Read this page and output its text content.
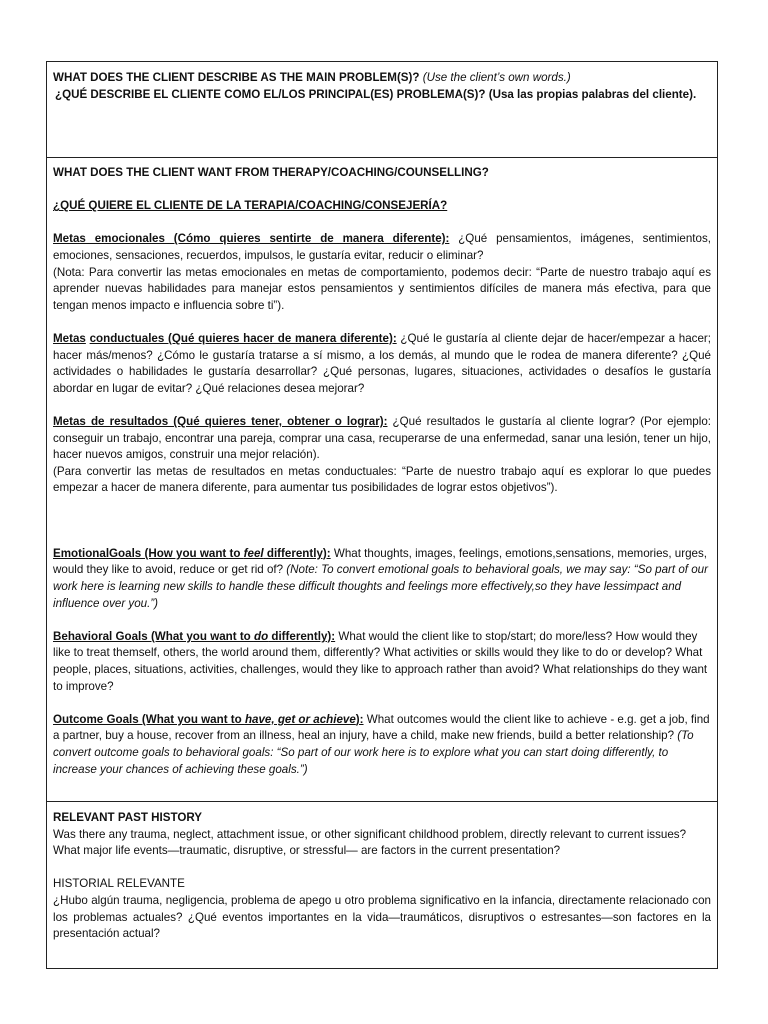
WHAT DOES THE CLIENT DESCRIBE AS THE MAIN PROBLEM(S)? (Use the client’s own words.)

¿QUÉ DESCRIBE EL CLIENTE COMO EL/LOS PRINCIPAL(ES) PROBLEMA(S)? (Usa las propias palabras del cliente).

WHAT DOES THE CLIENT WANT FROM THERAPY/COACHING/COUNSELLING?

¿QUÉ QUIERE EL CLIENTE DE LA TERAPIA/COACHING/CONSEJERÍA?

Metas emocionales (Cómo quieres sentirte de manera diferente): ¿Qué pensamientos, imágenes, sentimientos, emociones, sensaciones, recuerdos, impulsos, le gustaría evitar, reducir o eliminar?

(Nota: Para convertir las metas emocionales en metas de comportamiento, podemos decir: “Parte de nuestro trabajo aquí es aprender nuevas habilidades para manejar estos pensamientos y sentimientos difíciles de manera más efectiva, para que tengan menos impacto e influencia sobre ti”).

Metas conductuales (Qué quieres hacer de manera diferente): ¿Qué le gustaría al cliente dejar de hacer/empezar a hacer; hacer más/menos? ¿Cómo le gustaría tratarse a sí mismo, a los demás, al mundo que le rodea de manera diferente? ¿Qué actividades o habilidades le gustaría desarrollar? ¿Qué personas, lugares, situaciones, actividades o desafíos le gustaría abordar en lugar de evitar? ¿Qué relaciones desea mejorar?

Metas de resultados (Qué quieres tener, obtener o lograr): ¿Qué resultados le gustaría al cliente lograr? (Por ejemplo: conseguir un trabajo, encontrar una pareja, comprar una casa, recuperarse de una enfermedad, sanar una lesión, tener un hijo, hacer nuevos amigos, construir una mejor relación).

(Para convertir las metas de resultados en metas conductuales: “Parte de nuestro trabajo aquí es explorar lo que puedes empezar a hacer de manera diferente, para aumentar tus posibilidades de lograr estos objetivos”).

EmotionalGoals (How you want to feel differently): What thoughts, images, feelings, emotions,sensations, memories, urges, would they like to avoid, reduce or get rid of? (Note: To convert emotional goals to behavioral goals, we may say: “So part of our work here is learning new skills to handle these difficult thoughts and feelings more effectively,so they have lessimpact and influence over you.”)

Behavioral Goals (What you want to do differently): What would the client like to stop/start; do more/less? How would they like to treat themself, others, the world around them, differently? What activities or skills would they like to do or develop? What people, places, situations, activities, challenges, would they like to approach rather than avoid? What relationships do they want to improve?

Outcome Goals (What you want to have, get or achieve): What outcomes would the client like to achieve - e.g. get a job, find a partner, buy a house, recover from an illness, heal an injury, have a child, make new friends, build a better relationship? (To convert outcome goals to behavioral goals: “So part of our work here is to explore what you can start doing differently, to increase your chances of achieving these goals.”)

RELEVANT PAST HISTORY

Was there any trauma, neglect, attachment issue, or other significant childhood problem, directly relevant to current issues? What major life events—traumatic, disruptive, or stressful— are factors in the current presentation?

HISTORIAL RELEVANTE

¿Hubo algún trauma, negligencia, problema de apego u otro problema significativo en la infancia, directamente relacionado con los problemas actuales? ¿Qué eventos importantes en la vida—traumáticos, disruptivos o estresantes—son factores en la presentación actual?
